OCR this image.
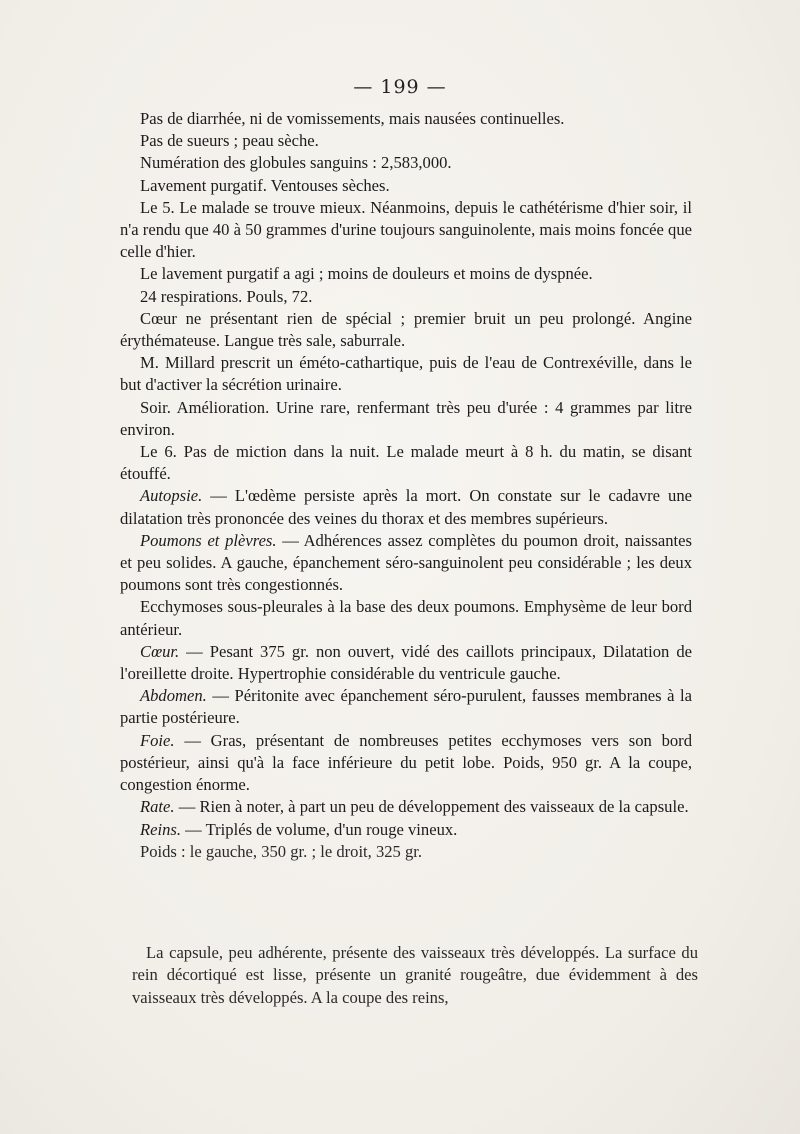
— 199 —

Pas de diarrhée, ni de vomissements, mais nausées continuelles.

Pas de sueurs ; peau sèche.

Numération des globules sanguins : 2,583,000.

Lavement purgatif. Ventouses sèches.

Le 5. Le malade se trouve mieux. Néanmoins, depuis le cathétérisme d'hier soir, il n'a rendu que 40 à 50 grammes d'urine toujours sanguinolente, mais moins foncée que celle d'hier.

Le lavement purgatif a agi ; moins de douleurs et moins de dyspnée.

24 respirations. Pouls, 72.

Cœur ne présentant rien de spécial ; premier bruit un peu prolongé. Angine érythémateuse. Langue très sale, saburrale.

M. Millard prescrit un éméto-cathartique, puis de l'eau de Contrexéville, dans le but d'activer la sécrétion urinaire.

Soir. Amélioration. Urine rare, renfermant très peu d'urée : 4 grammes par litre environ.

Le 6. Pas de miction dans la nuit. Le malade meurt à 8 h. du matin, se disant étouffé.

Autopsie. — L'œdème persiste après la mort. On constate sur le cadavre une dilatation très prononcée des veines du thorax et des membres supérieurs.

Poumons et plèvres. — Adhérences assez complètes du poumon droit, naissantes et peu solides. A gauche, épanchement séro-sanguinolent peu considérable ; les deux poumons sont très congestionnés.

Ecchymoses sous-pleurales à la base des deux poumons. Emphysème de leur bord antérieur.

Cœur. — Pesant 375 gr. non ouvert, vidé des caillots principaux, Dilatation de l'oreillette droite. Hypertrophie considérable du ventricule gauche.

Abdomen. — Péritonite avec épanchement séro-purulent, fausses membranes à la partie postérieure.

Foie. — Gras, présentant de nombreuses petites ecchymoses vers son bord postérieur, ainsi qu'à la face inférieure du petit lobe. Poids, 950 gr. A la coupe, congestion énorme.

Rate. — Rien à noter, à part un peu de développement des vaisseaux de la capsule.

Reins. — Triplés de volume, d'un rouge vineux.

Poids : le gauche, 350 gr. ; le droit, 325 gr.

La capsule, peu adhérente, présente des vaisseaux très développés. La surface du rein décortiqué est lisse, présente un granité rougeâtre, due évidemment à des vaisseaux très développés. A la coupe des reins,
